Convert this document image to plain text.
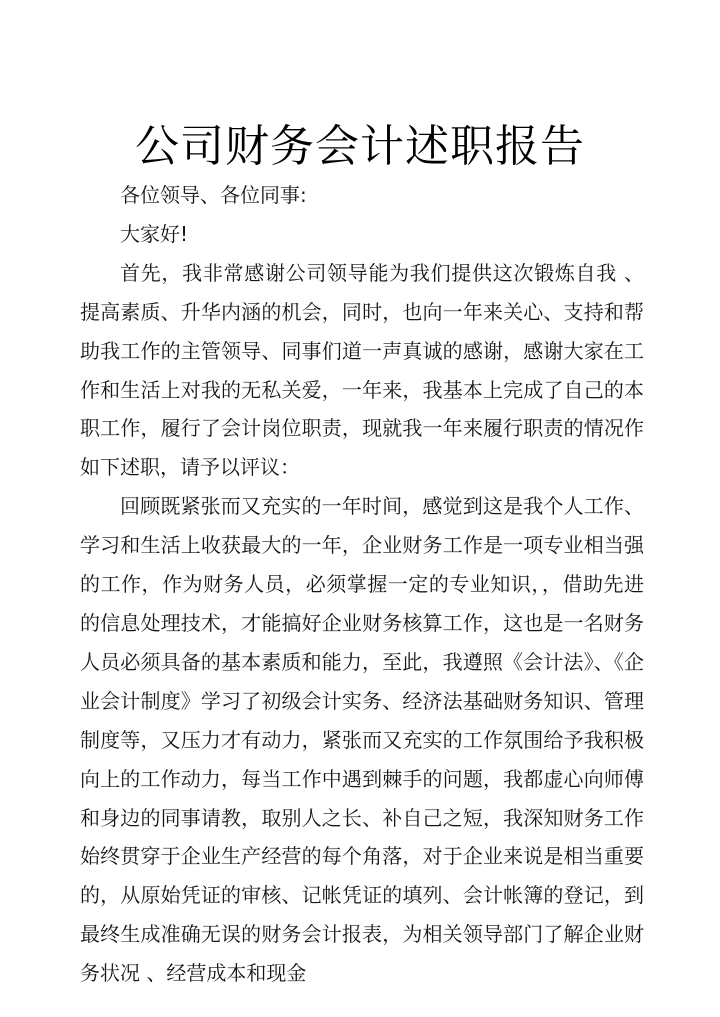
公司财务会计述职报告

各位领导、各位同事:

大家好!

首先，我非常感谢公司领导能为我们提供这次锻炼自我 、提高素质、升华内涵的机会，同时，也向一年来关心、支持和帮助我工作的主管领导、同事们道一声真诚的感谢，感谢大家在工作和生活上对我的无私关爱，一年来，我基本上完成了自己的本职工作，履行了会计岗位职责，现就我一年来履行职责的情况作如下述职，请予以评议：

回顾既紧张而又充实的一年时间，感觉到这是我个人工作、学习和生活上收获最大的一年，企业财务工作是一项专业相当强的工作，作为财务人员，必须掌握一定的专业知识，，借助先进的信息处理技术，才能搞好企业财务核算工作，这也是一名财务人员必须具备的基本素质和能力，至此，我遵照《会计法》、《企业会计制度》学习了初级会计实务、经济法基础财务知识、管理制度等，又压力才有动力，紧张而又充实的工作氛围给予我积极向上的工作动力，每当工作中遇到棘手的问题，我都虚心向师傅和身边的同事请教，取别人之长、补自己之短，我深知财务工作始终贯穿于企业生产经营的每个角落，对于企业来说是相当重要的，从原始凭证的审核、记帐凭证的填列、会计帐簿的登记，到最终生成准确无误的财务会计报表，为相关领导部门了解企业财务状况 、经营成本和现金
